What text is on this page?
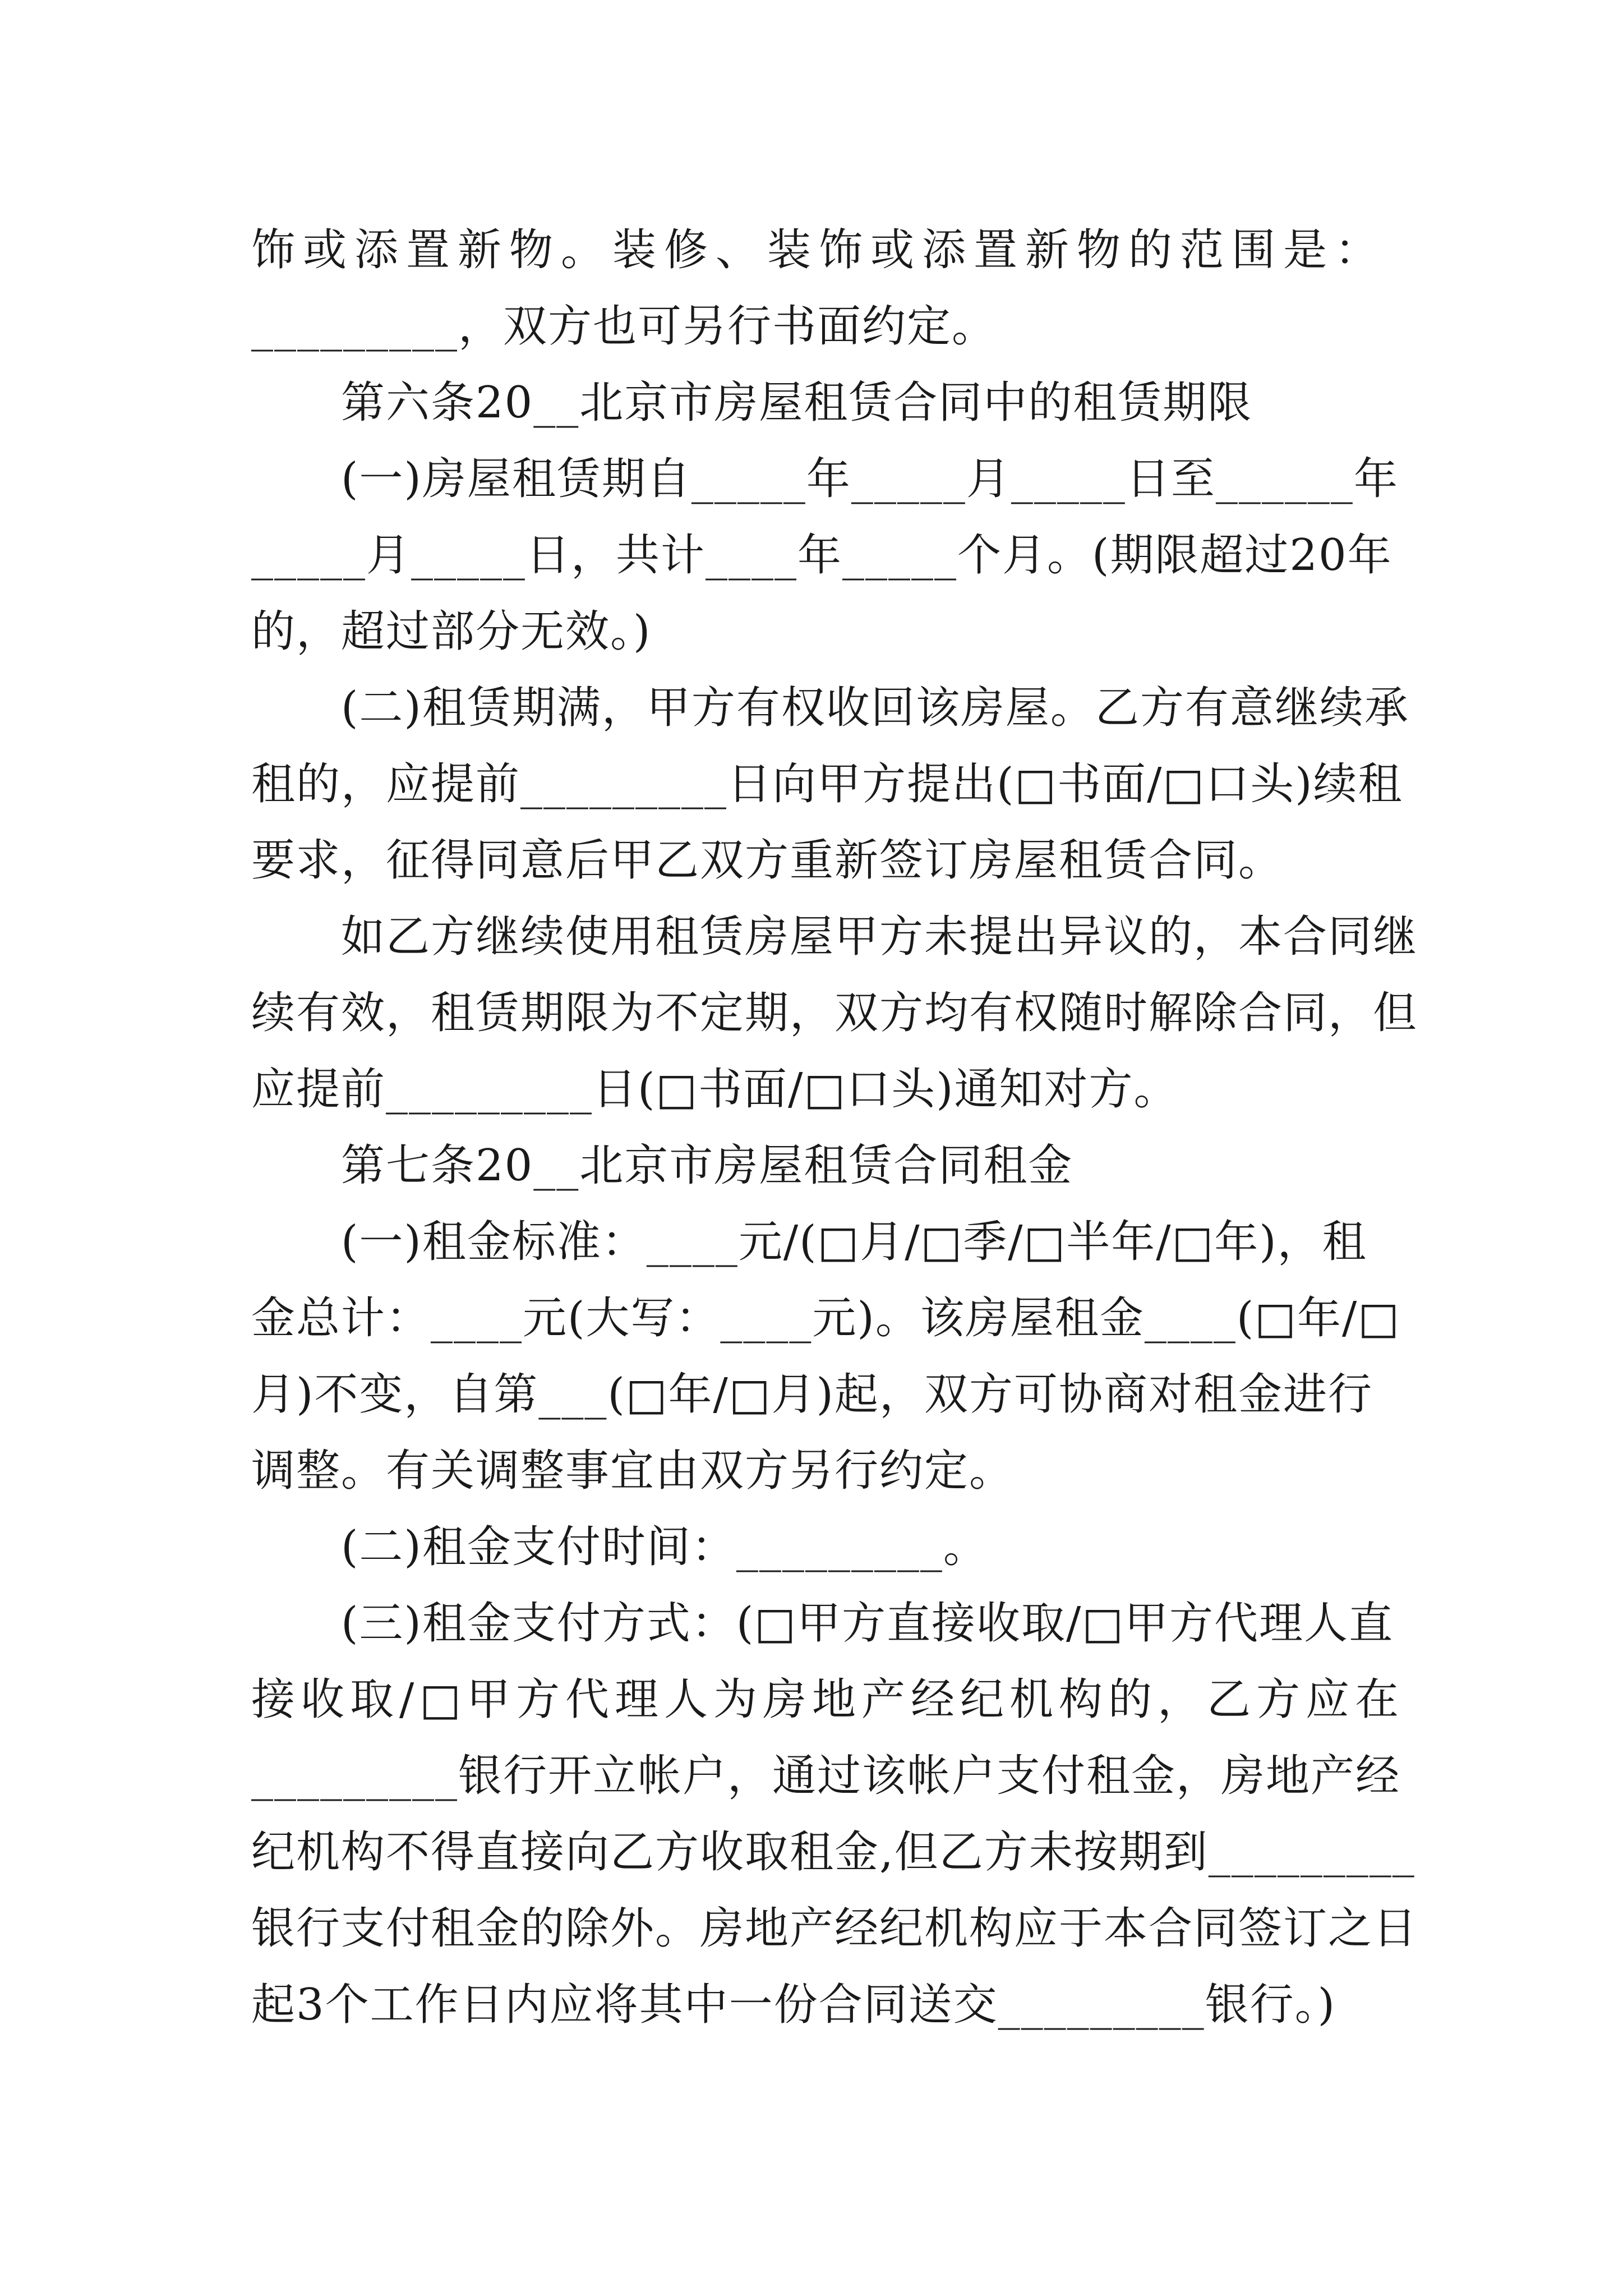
饰或添置新物。装修、装饰或添置新物的范围是：
_________，双方也可另行书面约定。
第六条20__北京市房屋租赁合同中的租赁期限
(一)房屋租赁期自_____年_____月_____日至______年
_____月_____日，共计____年_____个月。(期限超过20年
的，超过部分无效。)
(二)租赁期满，甲方有权收回该房屋。乙方有意继续承
租的，应提前_________日向甲方提出(□书面/□口头)续租
要求，征得同意后甲乙双方重新签订房屋租赁合同。
如乙方继续使用租赁房屋甲方未提出异议的，本合同继
续有效，租赁期限为不定期，双方均有权随时解除合同，但
应提前_________日(□书面/□口头)通知对方。
第七条20__北京市房屋租赁合同租金
(一)租金标准：____元/(□月/□季/□半年/□年)，租
金总计：____元(大写：____元)。该房屋租金____(□年/□
月)不变，自第___(□年/□月)起，双方可协商对租金进行
调整。有关调整事宜由双方另行约定。
(二)租金支付时间：_________。
(三)租金支付方式：(□甲方直接收取/□甲方代理人直
接收取/□甲方代理人为房地产经纪机构的，乙方应在
_________银行开立帐户，通过该帐户支付租金，房地产经
纪机构不得直接向乙方收取租金,但乙方未按期到_________
银行支付租金的除外。房地产经纪机构应于本合同签订之日
起3个工作日内应将其中一份合同送交_________银行。)
